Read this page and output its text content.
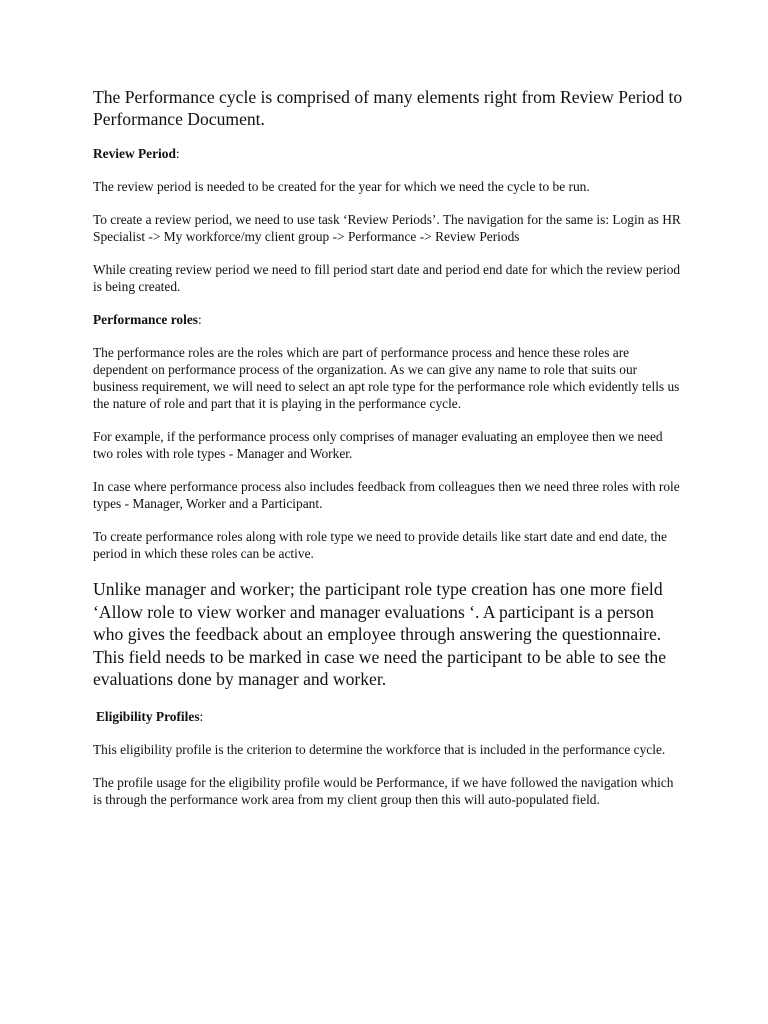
The Performance cycle is comprised of many elements right from Review Period to Performance Document.

Review Period:

The review period is needed to be created for the year for which we need the cycle to be run.

To create a review period, we need to use task ‘Review Periods’. The navigation for the same is: Login as HR Specialist -> My workforce/my client group -> Performance -> Review Periods

While creating review period we need to fill period start date and period end date for which the review period is being created.

Performance roles:

The performance roles are the roles which are part of performance process and hence these roles are dependent on performance process of the organization. As we can give any name to role that suits our business requirement, we will need to select an apt role type for the performance role which evidently tells us the nature of role and part that it is playing in the performance cycle.

For example, if the performance process only comprises of manager evaluating an employee then we need two roles with role types - Manager and Worker.

In case where performance process also includes feedback from colleagues then we need three roles with role types - Manager, Worker and a Participant.

To create performance roles along with role type we need to provide details like start date and end date, the period in which these roles can be active.

Unlike manager and worker; the participant role type creation has one more field ‘Allow role to view worker and manager evaluations ‘. A participant is a person who gives the feedback about an employee through answering the questionnaire. This field needs to be marked in case we need the participant to be able to see the evaluations done by manager and worker.

Eligibility Profiles:

This eligibility profile is the criterion to determine the workforce that is included in the performance cycle.

The profile usage for the eligibility profile would be Performance, if we have followed the navigation which is through the performance work area from my client group then this will auto-populated field.
